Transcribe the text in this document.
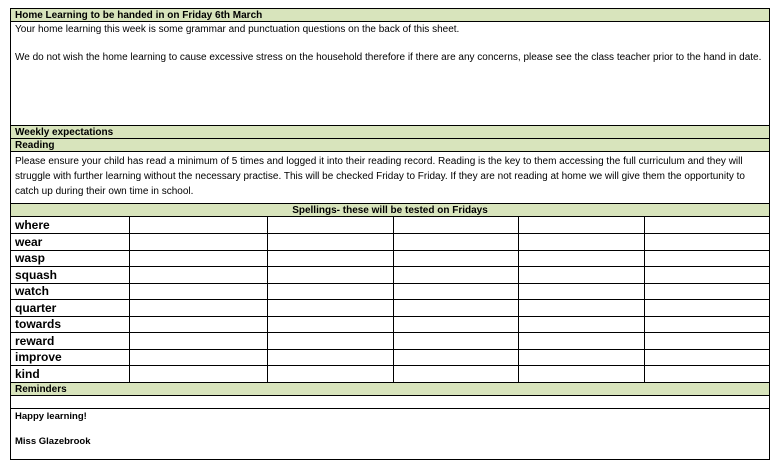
Home Learning to be handed in on Friday 6th March

Your home learning this week is some grammar and punctuation questions on the back of this sheet.

We do not wish the home learning to cause excessive stress on the household therefore if there are any concerns, please see the class teacher prior to the hand in date.

Weekly expectations
Reading
Please ensure your child has read a minimum of 5 times and logged it into their reading record. Reading is the key to them accessing the full curriculum and they will struggle with further learning without the necessary practise. This will be checked Friday to Friday. If they are not reading at home we will give them the opportunity to catch up during their own time in school.
Spellings- these will be tested on Fridays
where					
wear					
wasp					
squash					
watch					
quarter					
towards					
reward					
improve					
kind					
Reminders

Happy learning!

Miss Glazebrook
